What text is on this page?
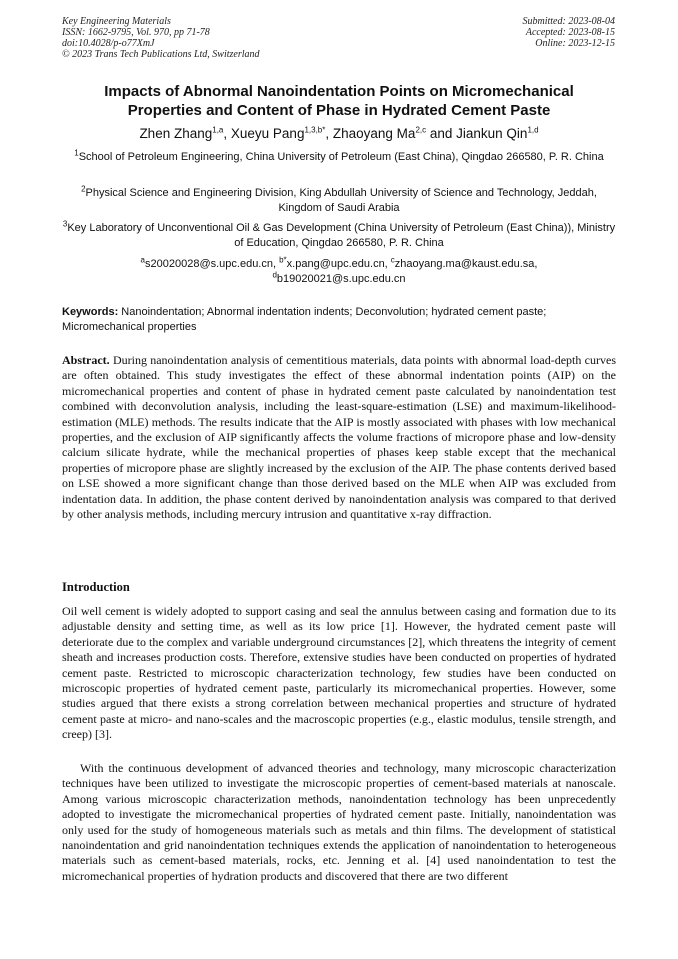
Key Engineering Materials
ISSN: 1662-9795, Vol. 970, pp 71-78
doi:10.4028/p-o77XmJ
© 2023 Trans Tech Publications Ltd, Switzerland
Submitted: 2023-08-04
Accepted: 2023-08-15
Online: 2023-12-15
Impacts of Abnormal Nanoindentation Points on Micromechanical Properties and Content of Phase in Hydrated Cement Paste
Zhen Zhang$^{1,a}$, Xueyu Pang$^{1,3,b*}$, Zhaoyang Ma$^{2,c}$ and Jiankun Qin$^{1,d}$
$^1$School of Petroleum Engineering, China University of Petroleum (East China), Qingdao 266580, P. R. China
$^2$Physical Science and Engineering Division, King Abdullah University of Science and Technology, Jeddah, Kingdom of Saudi Arabia
$^3$Key Laboratory of Unconventional Oil & Gas Development (China University of Petroleum (East China)), Ministry of Education, Qingdao 266580, P. R. China
$^a$s20020028@s.upc.edu.cn, $^{b*}$x.pang@upc.edu.cn, $^c$zhaoyang.ma@kaust.edu.sa,
$^d$b19020021@s.upc.edu.cn
Keywords: Nanoindentation; Abnormal indentation indents; Deconvolution; hydrated cement paste; Micromechanical properties
Abstract. During nanoindentation analysis of cementitious materials, data points with abnormal load-depth curves are often obtained. This study investigates the effect of these abnormal indentation points (AIP) on the micromechanical properties and content of phase in hydrated cement paste calculated by nanoindentation test combined with deconvolution analysis, including the least-square-estimation (LSE) and maximum-likelihood-estimation (MLE) methods. The results indicate that the AIP is mostly associated with phases with low mechanical properties, and the exclusion of AIP significantly affects the volume fractions of micropore phase and low-density calcium silicate hydrate, while the mechanical properties of phases keep stable except that the mechanical properties of micropore phase are slightly increased by the exclusion of the AIP. The phase contents derived based on LSE showed a more significant change than those derived based on the MLE when AIP was excluded from indentation data. In addition, the phase content derived by nanoindentation analysis was compared to that derived by other analysis methods, including mercury intrusion and quantitative x-ray diffraction.
Introduction

Oil well cement is widely adopted to support casing and seal the annulus between casing and formation due to its adjustable density and setting time, as well as its low price [1]. However, the hydrated cement paste will deteriorate due to the complex and variable underground circumstances [2], which threatens the integrity of cement sheath and increases production costs. Therefore, extensive studies have been conducted on properties of hydrated cement paste. Restricted to microscopic characterization technology, few studies have been conducted on microscopic properties of hydrated cement paste, particularly its micromechanical properties. However, some studies argued that there exists a strong correlation between mechanical properties and structure of hydrated cement paste at micro- and nano-scales and the macroscopic properties (e.g., elastic modulus, tensile strength, and creep) [3].

With the continuous development of advanced theories and technology, many microscopic characterization techniques have been utilized to investigate the microscopic properties of cement-based materials at nanoscale. Among various microscopic characterization methods, nanoindentation technology has been unprecedently adopted to investigate the micromechanical properties of hydrated cement paste. Initially, nanoindentation was only used for the study of homogeneous materials such as metals and thin films. The development of statistical nanoindentation and grid nanoindentation techniques extends the application of nanoindentation to heterogeneous materials such as cement-based materials, rocks, etc. Jenning et al. [4] used nanoindentation to test the micromechanical properties of hydration products and discovered that there are two different
